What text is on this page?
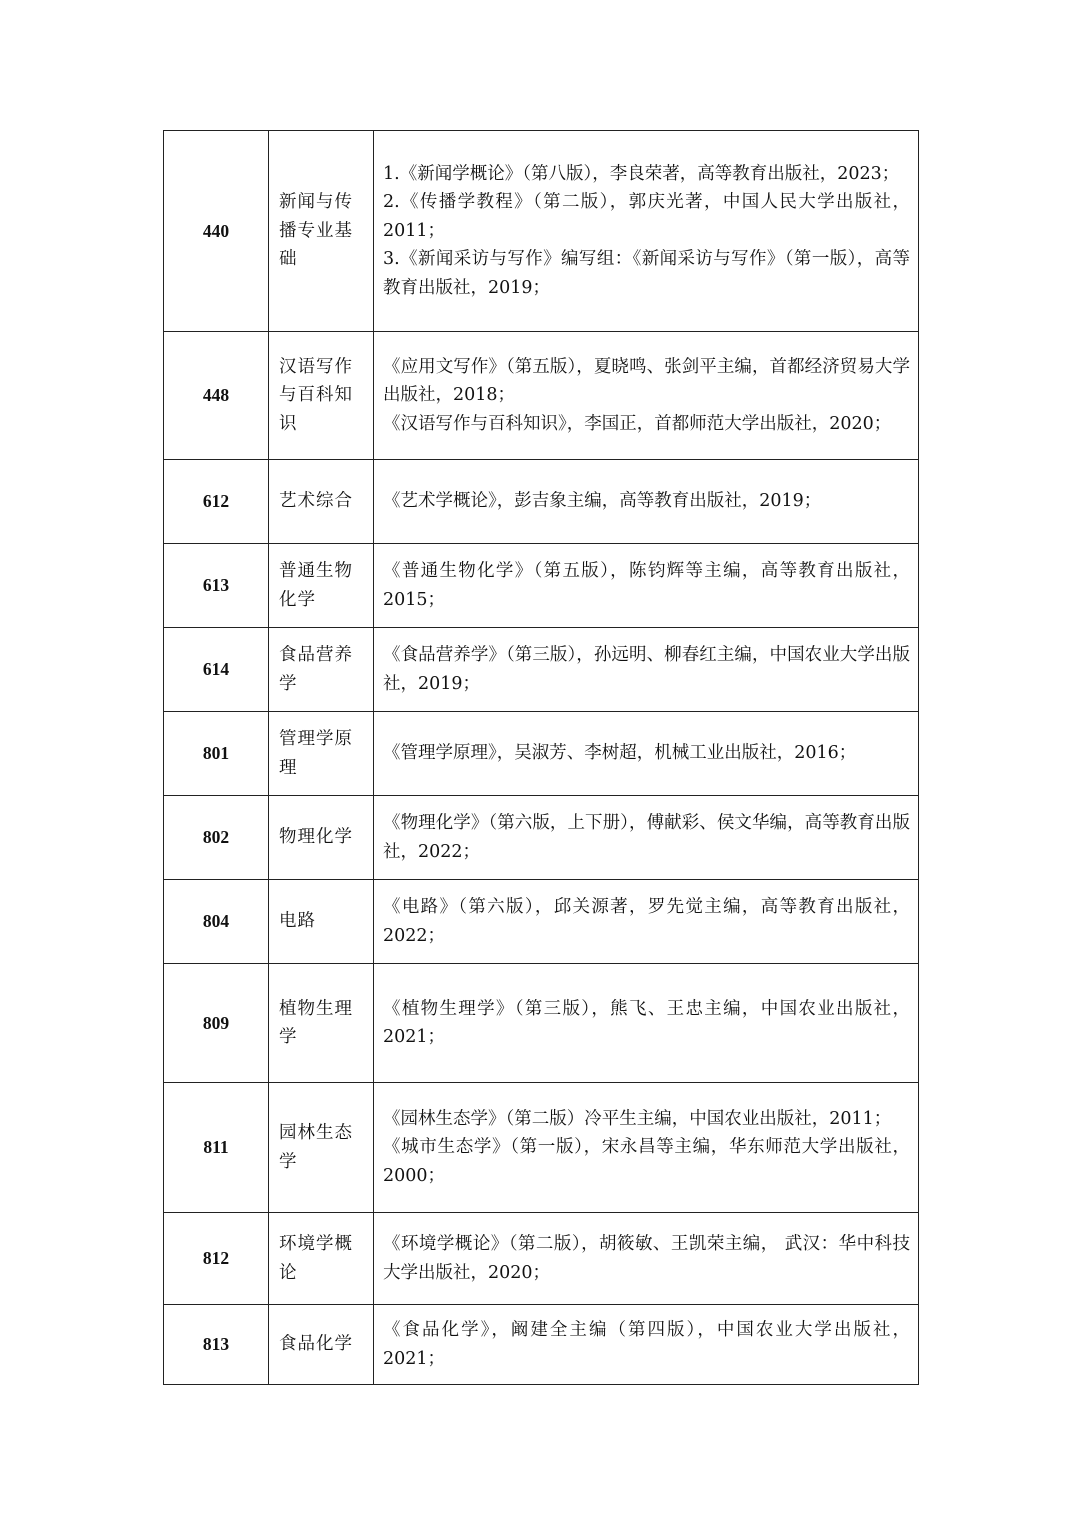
440	新闻与传播专业基础	1.《新闻学概论》（第八版），李良荣著，高等教育出版社，2023；
2.《传播学教程》（第二版），郭庆光著，中国人民大学出版社，2011；
3.《新闻采访与写作》编写组：《新闻采访与写作》（第一版），高等教育出版社，2019；

448	汉语写作与百科知识	《应用文写作》（第五版），夏晓鸣、张剑平主编，首都经济贸易大学出版社，2018；
《汉语写作与百科知识》，李国正，首都师范大学出版社，2020；

612	艺术综合	《艺术学概论》，彭吉象主编，高等教育出版社，2019；

613	普通生物化学	《普通生物化学》（第五版），陈钧辉等主编，高等教育出版社，2015；

614	食品营养学	《食品营养学》（第三版），孙远明、柳春红主编，中国农业大学出版社，2019；

801	管理学原理	《管理学原理》，吴淑芳、李树超，机械工业出版社，2016；

802	物理化学	《物理化学》（第六版，上下册），傅献彩、侯文华编，高等教育出版社，2022；

804	电路	《电路》（第六版），邱关源著，罗先觉主编，高等教育出版社，2022；

809	植物生理学	《植物生理学》（第三版），熊飞、王忠主编，中国农业出版社，2021；

811	园林生态学	《园林生态学》（第二版）冷平生主编，中国农业出版社，2011；
《城市生态学》（第一版），宋永昌等主编，华东师范大学出版社，2000；

812	环境学概论	《环境学概论》（第二版），胡筱敏、王凯荣主编， 武汉：华中科技大学出版社，2020；

813	食品化学	《食品化学》，阚建全主编（第四版），中国农业大学出版社，2021；
